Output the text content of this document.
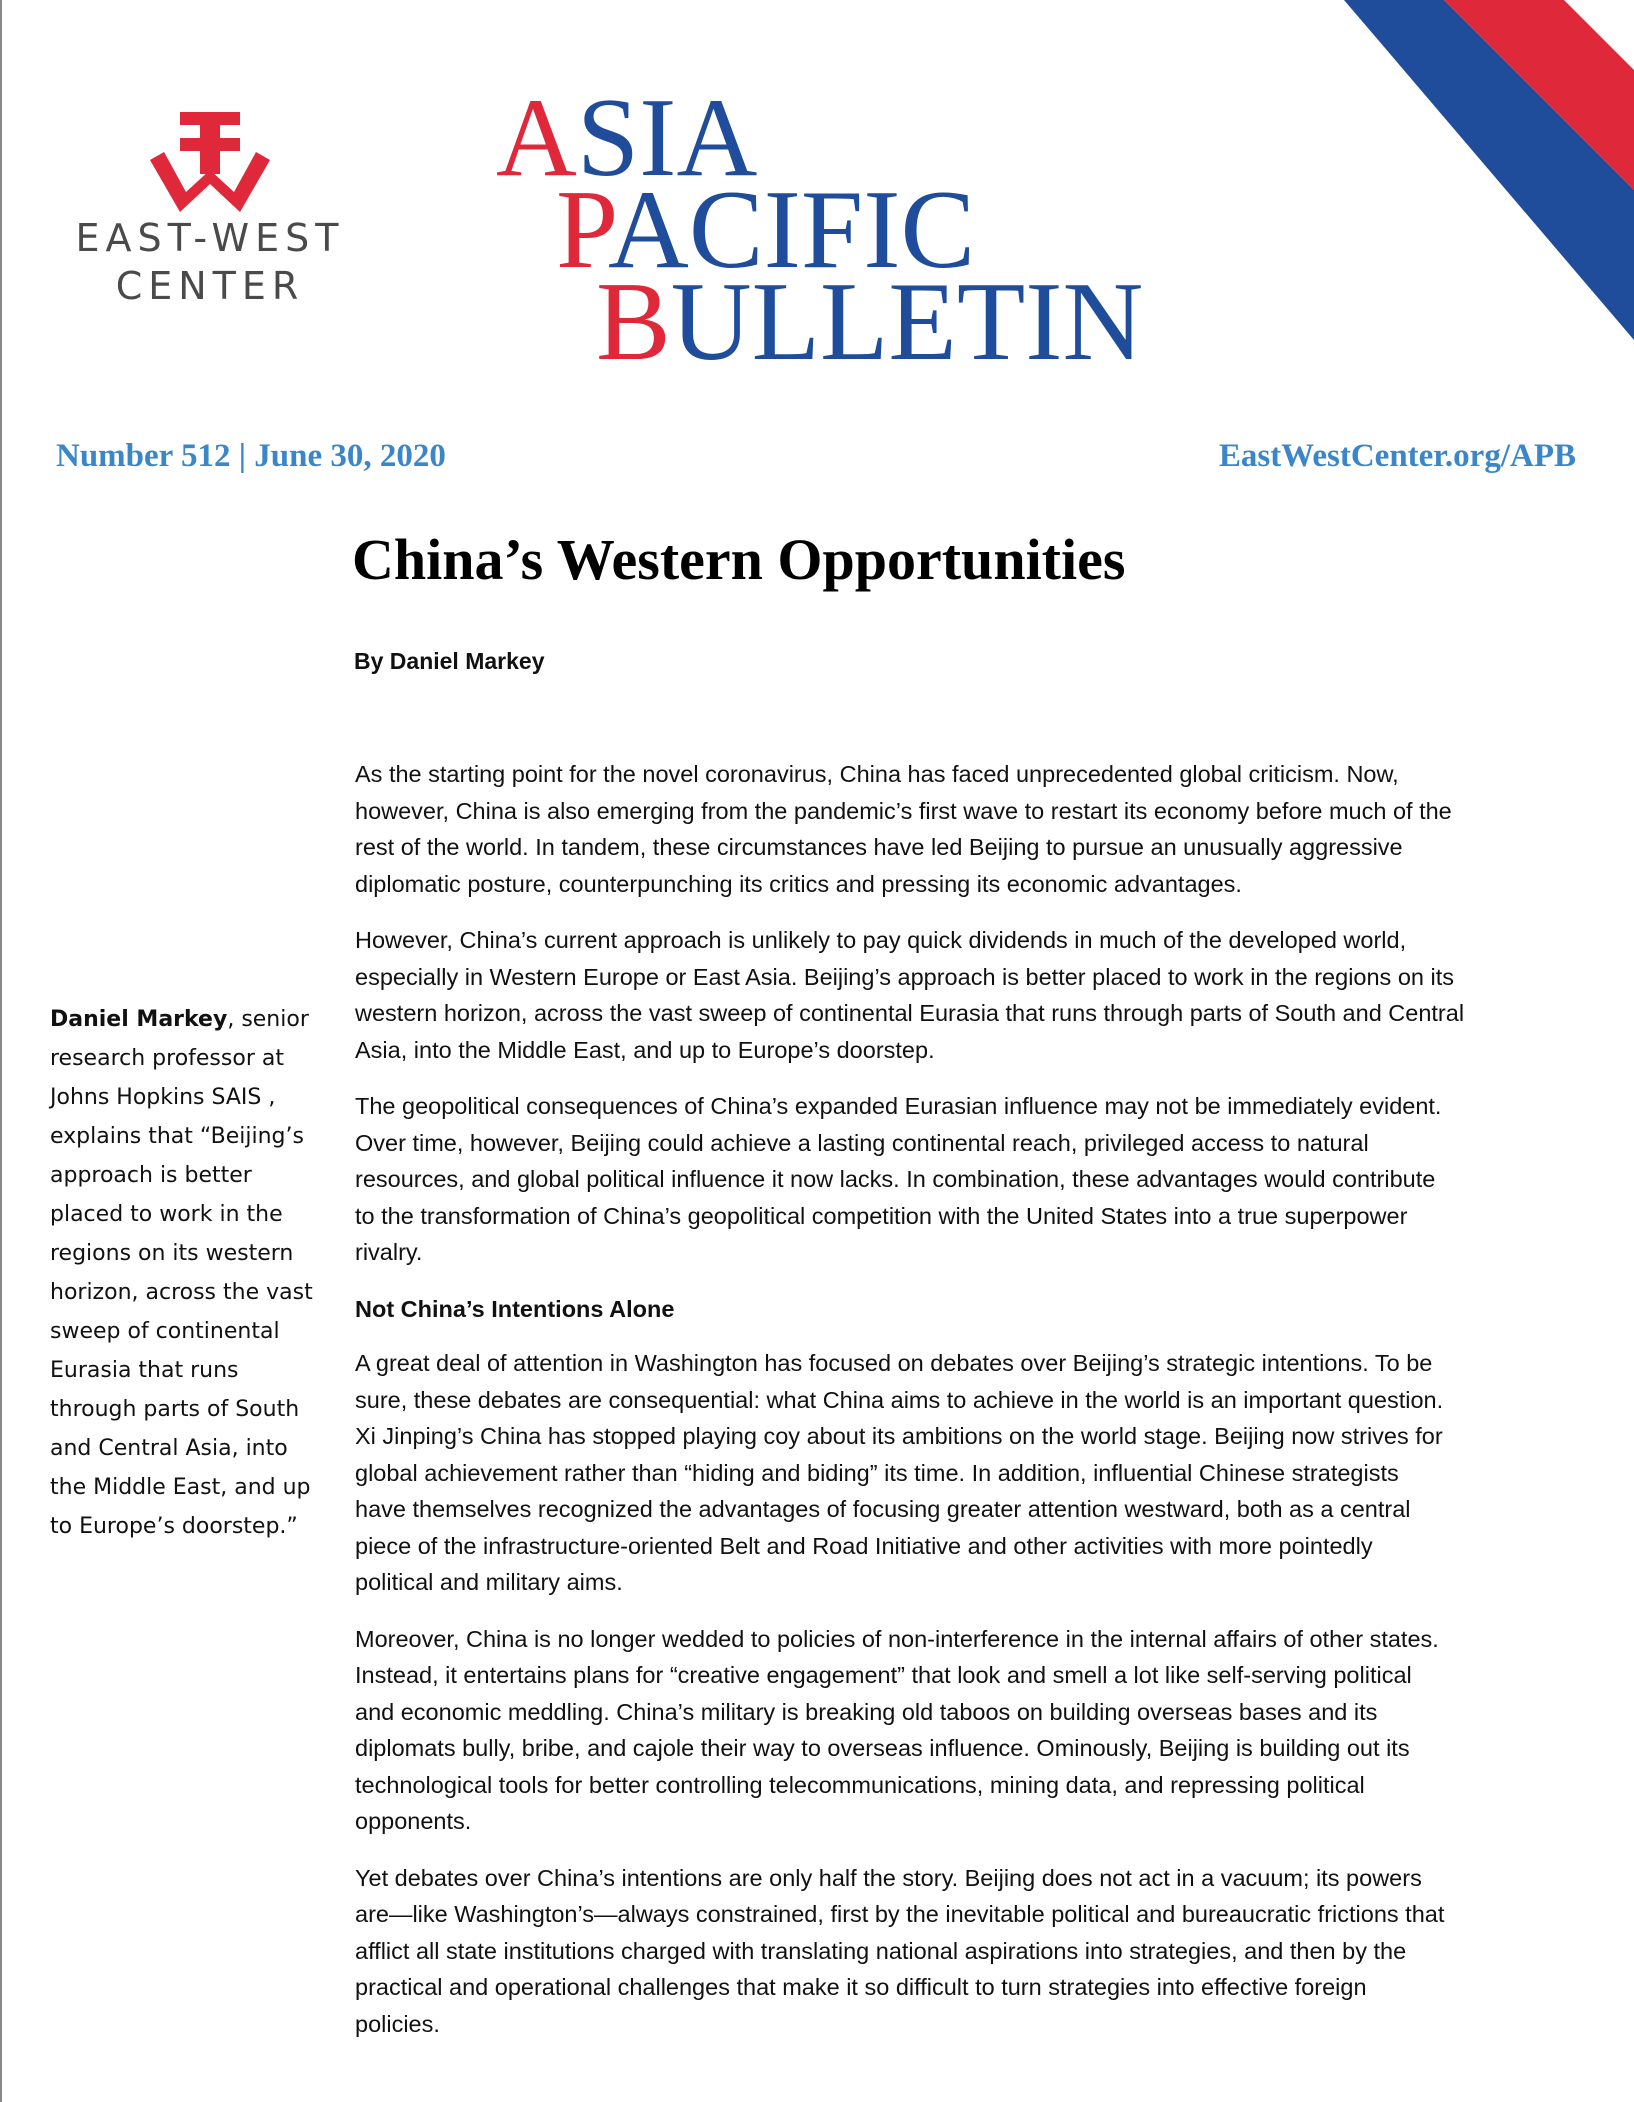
EAST-WEST
CENTER
ASIA
PACIFIC
BULLETIN
Number 512 | June 30, 2020	EastWestCenter.org/APB
China’s Western Opportunities
By Daniel Markey
Daniel Markey, senior
research professor at
Johns Hopkins SAIS ,
explains that “Beijing’s
approach is better
placed to work in the
regions on its western
horizon, across the vast
sweep of continental
Eurasia that runs
through parts of South
and Central Asia, into
the Middle East, and up
to Europe’s doorstep.”

As the starting point for the novel coronavirus, China has faced unprecedented global criticism. Now,
however, China is also emerging from the pandemic’s first wave to restart its economy before much of the
rest of the world. In tandem, these circumstances have led Beijing to pursue an unusually aggressive
diplomatic posture, counterpunching its critics and pressing its economic advantages.

However, China’s current approach is unlikely to pay quick dividends in much of the developed world,
especially in Western Europe or East Asia. Beijing’s approach is better placed to work in the regions on its
western horizon, across the vast sweep of continental Eurasia that runs through parts of South and Central
Asia, into the Middle East, and up to Europe’s doorstep.

The geopolitical consequences of China’s expanded Eurasian influence may not be immediately evident.
Over time, however, Beijing could achieve a lasting continental reach, privileged access to natural
resources, and global political influence it now lacks. In combination, these advantages would contribute
to the transformation of China’s geopolitical competition with the United States into a true superpower
rivalry.

Not China’s Intentions Alone

A great deal of attention in Washington has focused on debates over Beijing’s strategic intentions. To be
sure, these debates are consequential: what China aims to achieve in the world is an important question.
Xi Jinping’s China has stopped playing coy about its ambitions on the world stage. Beijing now strives for
global achievement rather than “hiding and biding” its time. In addition, influential Chinese strategists
have themselves recognized the advantages of focusing greater attention westward, both as a central
piece of the infrastructure-oriented Belt and Road Initiative and other activities with more pointedly
political and military aims.

Moreover, China is no longer wedded to policies of non-interference in the internal affairs of other states.
Instead, it entertains plans for “creative engagement” that look and smell a lot like self-serving political
and economic meddling. China’s military is breaking old taboos on building overseas bases and its
diplomats bully, bribe, and cajole their way to overseas influence. Ominously, Beijing is building out its
technological tools for better controlling telecommunications, mining data, and repressing political
opponents.

Yet debates over China’s intentions are only half the story. Beijing does not act in a vacuum; its powers
are—like Washington’s—always constrained, first by the inevitable political and bureaucratic frictions that
afflict all state institutions charged with translating national aspirations into strategies, and then by the
practical and operational challenges that make it so difficult to turn strategies into effective foreign
policies.
